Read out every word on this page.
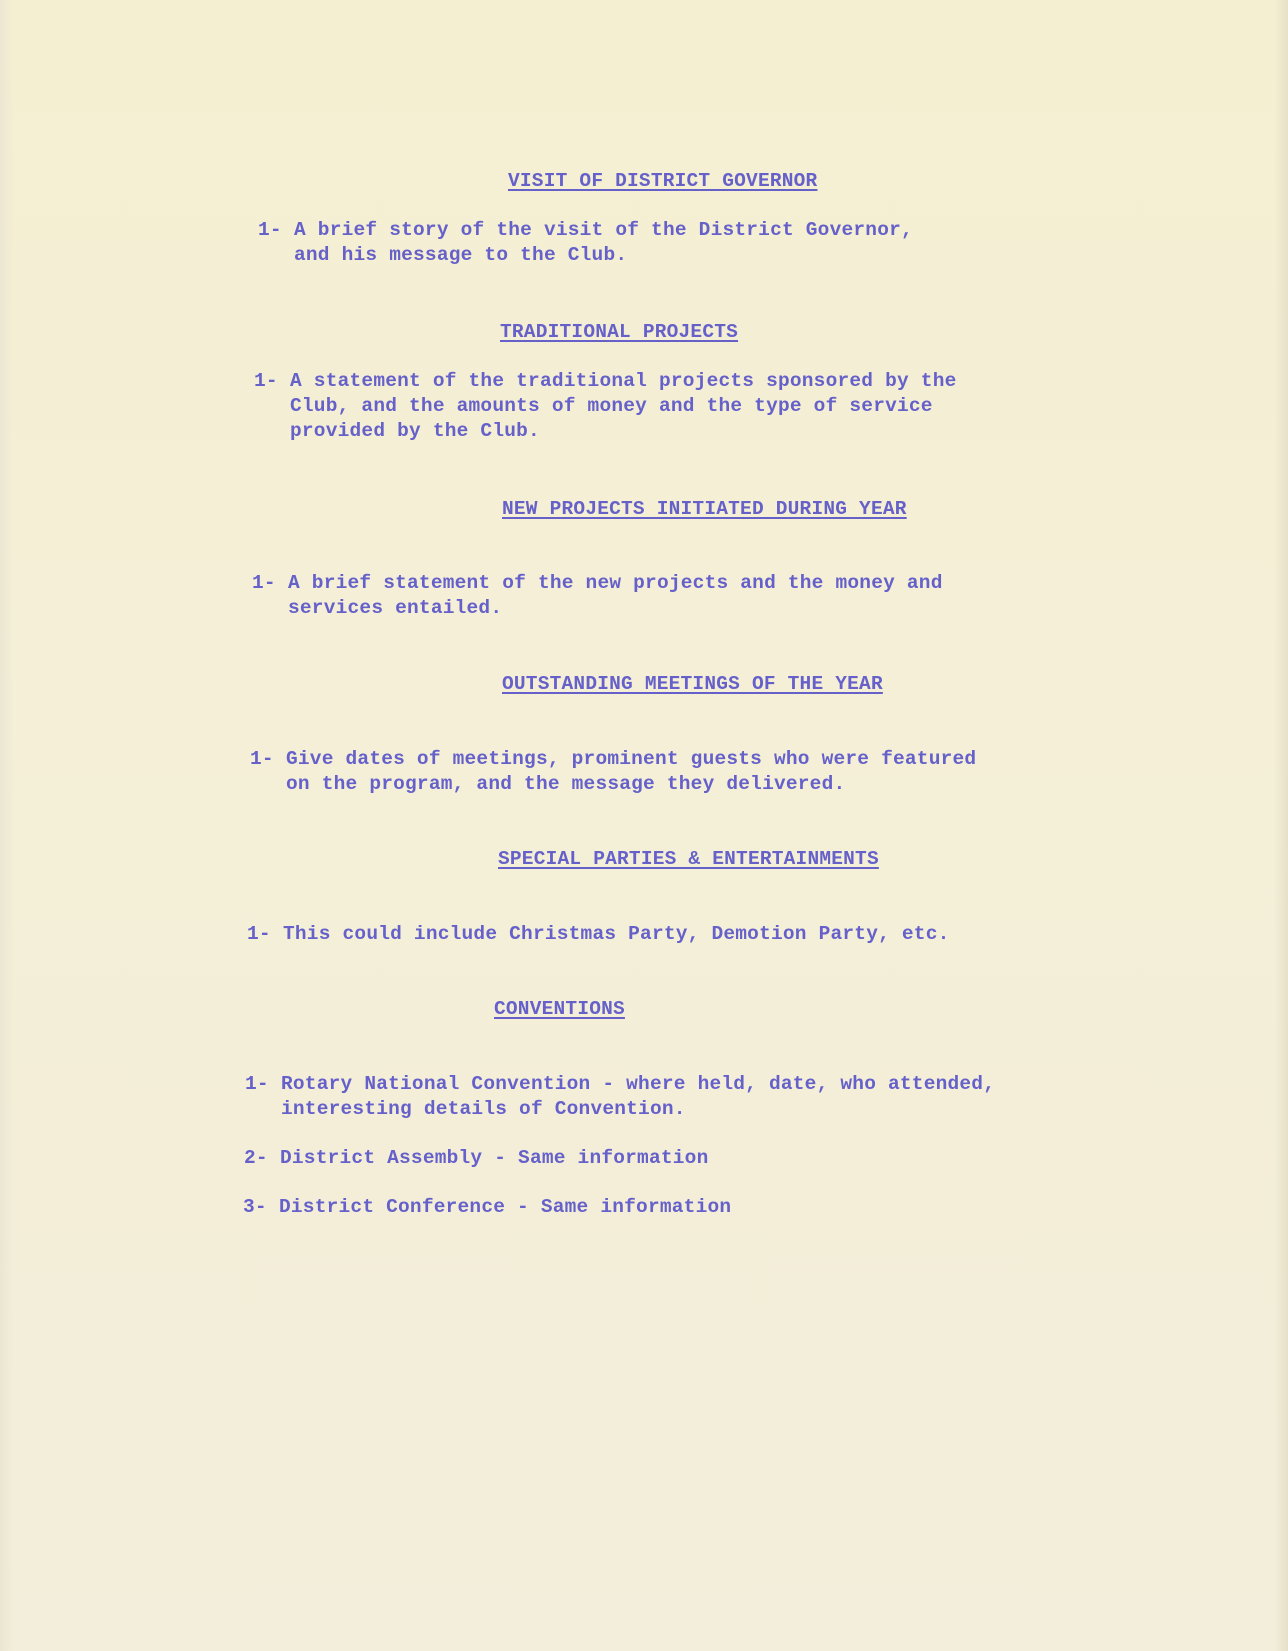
VISIT OF DISTRICT GOVERNOR
1- A brief story of the visit of the District Governor,
and his message to the Club.
TRADITIONAL PROJECTS
1- A statement of the traditional projects sponsored by the
Club, and the amounts of money and the type of service
provided by the Club.
NEW PROJECTS INITIATED DURING YEAR
1- A brief statement of the new projects and the money and
services entailed.
OUTSTANDING MEETINGS OF THE YEAR
1- Give dates of meetings, prominent guests who were featured
on the program, and the message they delivered.
SPECIAL PARTIES & ENTERTAINMENTS
1- This could include Christmas Party, Demotion Party, etc.
CONVENTIONS
1- Rotary National Convention - where held, date, who attended,
interesting details of Convention.
2- District Assembly - Same information
3- District Conference - Same information
